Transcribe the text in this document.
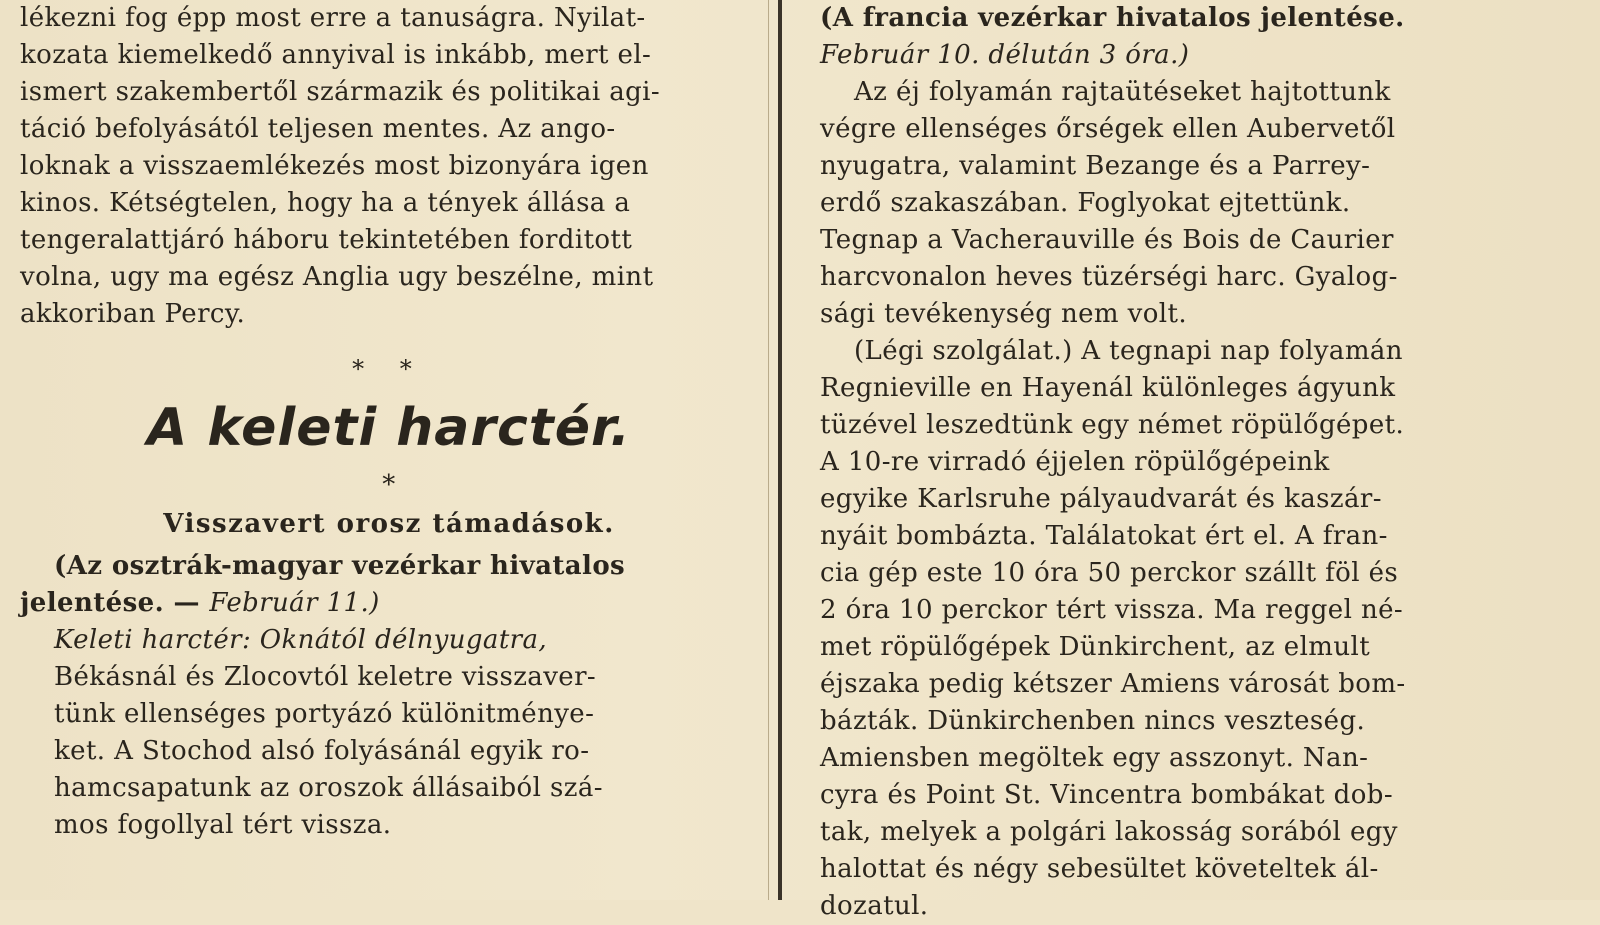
lékezni fog épp most erre a tanuságra. Nyilat-
kozata kiemelkedő annyival is inkább, mert el-
ismert szakembertől származik és politikai agi-
táció befolyásától teljesen mentes. Az ango-
loknak a visszaemlékezés most bizonyára igen
kinos. Kétségtelen, hogy ha a tények állása a
tengeralattjáró háboru tekintetében forditott
volna, ugy ma egész Anglia ugy beszélne, mint
akkoriban Percy.

* *

A keleti harctér.

*

Visszavert orosz támadások.

(Az osztrák-magyar vezérkar hivatalos

jelentése. — Február 11.)

Keleti harctér: Oknától délnyugatra,
Békásnál és Zlocovtól keletre visszaver-
tünk ellenséges portyázó különitménye-
ket. A Stochod alsó folyásánál egyik ro-
hamcsapatunk az oroszok állásaiból szá-
mos fogollyal tért vissza.

(A francia vezérkar hivatalos jelentése.

Február 10. délután 3 óra.)

Az éj folyamán rajtaütéseket hajtottunk
végre ellenséges őrségek ellen Aubervetől
nyugatra, valamint Bezange és a Parrey-
erdő szakaszában. Foglyokat ejtettünk.
Tegnap a Vacherauville és Bois de Caurier
harcvonalon heves tüzérségi harc. Gyalog-
sági tevékenység nem volt.

(Légi szolgálat.) A tegnapi nap folyamán
Regnieville en Hayenál különleges ágyunk
tüzével leszedtünk egy német röpülőgépet.
A 10-re virradó éjjelen röpülőgépeink
egyike Karlsruhe pályaudvarát és kaszár-
nyáit bombázta. Találatokat ért el. A fran-
cia gép este 10 óra 50 perckor szállt föl és
2 óra 10 perckor tért vissza. Ma reggel né-
met röpülőgépek Dünkirchent, az elmult
éjszaka pedig kétszer Amiens városát bom-
bázták. Dünkirchenben nincs veszteség.
Amiensben megöltek egy asszonyt. Nan-
cyra és Point St. Vincentra bombákat dob-
tak, melyek a polgári lakosság sorából egy
halottat és négy sebesültet követeltek ál-
dozatul.
